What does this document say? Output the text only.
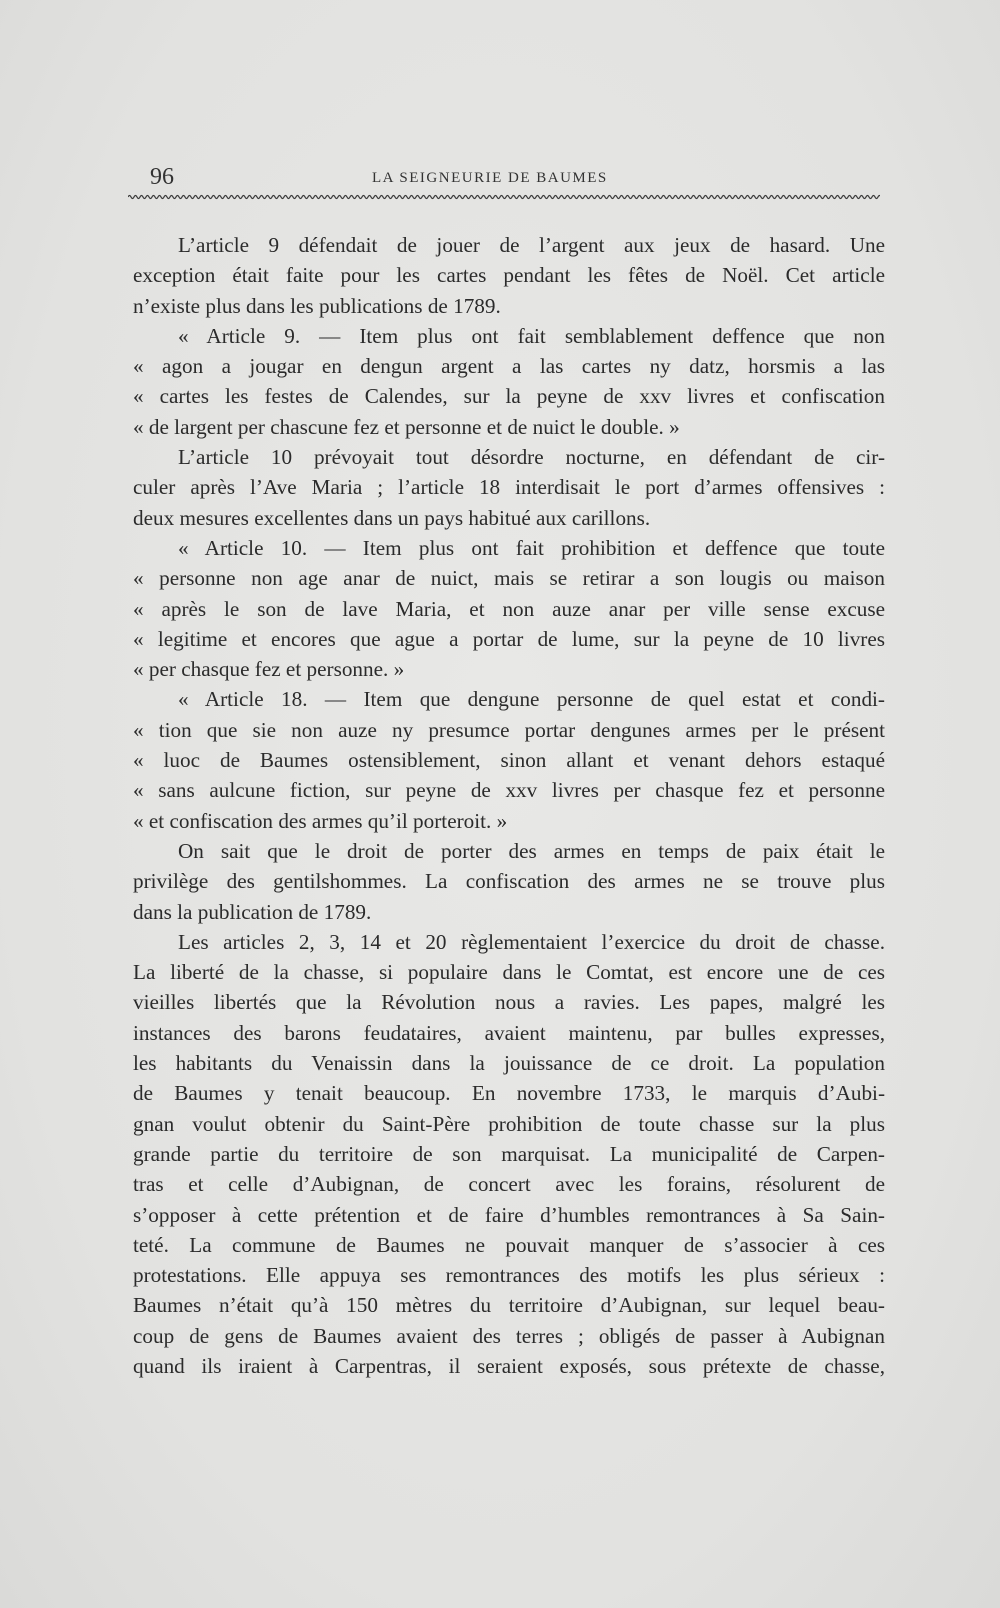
96	LA SEIGNEURIE DE BAUMES
L’article 9 défendait de jouer de l’argent aux jeux de hasard. Une
exception était faite pour les cartes pendant les fêtes de Noël. Cet article
n’existe plus dans les publications de 1789.
« Article 9. — Item plus ont fait semblablement deffence que non
« agon a jougar en dengun argent a las cartes ny datz, horsmis a las
« cartes les festes de Calendes, sur la peyne de xxv livres et confiscation
« de largent per chascune fez et personne et de nuict le double. »
L’article 10 prévoyait tout désordre nocturne, en défendant de cir-
culer après l’Ave Maria ; l’article 18 interdisait le port d’armes offensives :
deux mesures excellentes dans un pays habitué aux carillons.
« Article 10. — Item plus ont fait prohibition et deffence que toute
« personne non age anar de nuict, mais se retirar a son lougis ou maison
« après le son de lave Maria, et non auze anar per ville sense excuse
« legitime et encores que ague a portar de lume, sur la peyne de 10 livres
« per chasque fez et personne. »
« Article 18. — Item que dengune personne de quel estat et condi-
« tion que sie non auze ny presumce portar dengunes armes per le présent
« luoc de Baumes ostensiblement, sinon allant et venant dehors estaqué
« sans aulcune fiction, sur peyne de xxv livres per chasque fez et personne
« et confiscation des armes qu’il porteroit. »
On sait que le droit de porter des armes en temps de paix était le
privilège des gentilshommes. La confiscation des armes ne se trouve plus
dans la publication de 1789.
Les articles 2, 3, 14 et 20 règlementaient l’exercice du droit de chasse.
La liberté de la chasse, si populaire dans le Comtat, est encore une de ces
vieilles libertés que la Révolution nous a ravies. Les papes, malgré les
instances des barons feudataires, avaient maintenu, par bulles expresses,
les habitants du Venaissin dans la jouissance de ce droit. La population
de Baumes y tenait beaucoup. En novembre 1733, le marquis d’Aubi-
gnan voulut obtenir du Saint-Père prohibition de toute chasse sur la plus
grande partie du territoire de son marquisat. La municipalité de Carpen-
tras et celle d’Aubignan, de concert avec les forains, résolurent de
s’opposer à cette prétention et de faire d’humbles remontrances à Sa Sain-
teté. La commune de Baumes ne pouvait manquer de s’associer à ces
protestations. Elle appuya ses remontrances des motifs les plus sérieux :
Baumes n’était qu’à 150 mètres du territoire d’Aubignan, sur lequel beau-
coup de gens de Baumes avaient des terres ; obligés de passer à Aubignan
quand ils iraient à Carpentras, il seraient exposés, sous prétexte de chasse,
